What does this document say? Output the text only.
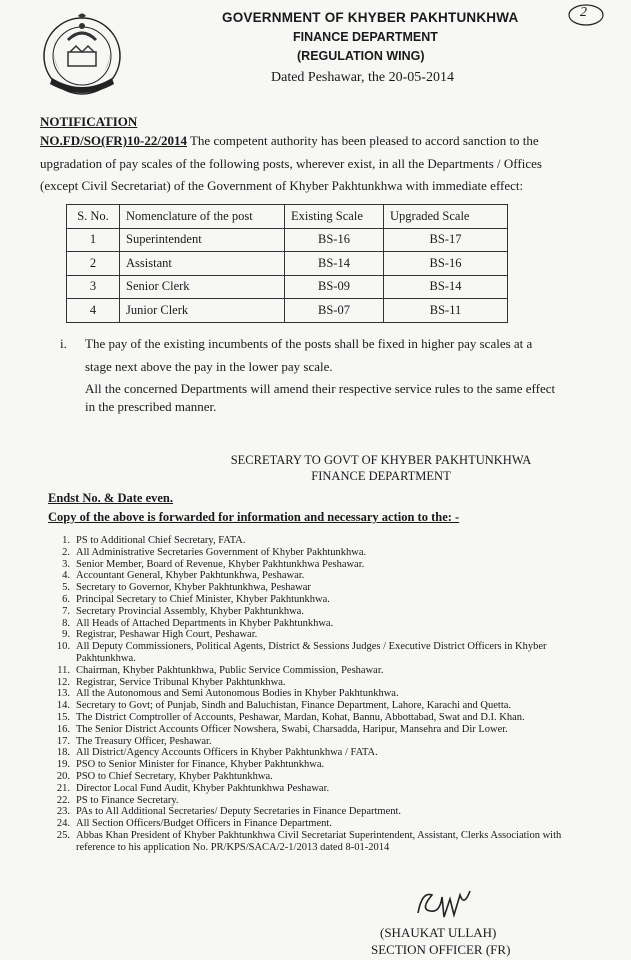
2
GOVERNMENT OF KHYBER PAKHTUNKHWA
FINANCE DEPARTMENT
(REGULATION WING)
Dated Peshawar, the 20-05-2014
NOTIFICATION
NO.FD/SO(FR)10-22/2014 The competent authority has been pleased to accord sanction to the
upgradation of pay scales of the following posts, wherever exist, in all the Departments / Offices
(except Civil Secretariat) of the Government of Khyber Pakhtunkhwa with immediate effect:
S. No.	Nomenclature of the post	Existing Scale	Upgraded Scale
1	Superintendent	BS-16	BS-17
2	Assistant	BS-14	BS-16
3	Senior Clerk	BS-09	BS-14
4	Junior Clerk	BS-07	BS-11
i. The pay of the existing incumbents of the posts shall be fixed in higher pay scales at a
stage next above the pay in the lower pay scale.
All the concerned Departments will amend their respective service rules to the same effect
in the prescribed manner.
SECRETARY TO GOVT OF KHYBER PAKHTUNKHWA
FINANCE DEPARTMENT
Endst No. & Date even.
Copy of the above is forwarded for information and necessary action to the: -
1. PS to Additional Chief Secretary, FATA.
2. All Administrative Secretaries Government of Khyber Pakhtunkhwa.
3. Senior Member, Board of Revenue, Khyber Pakhtunkhwa Peshawar.
4. Accountant General, Khyber Pakhtunkhwa, Peshawar.
5. Secretary to Governor, Khyber Pakhtunkhwa, Peshawar
6. Principal Secretary to Chief Minister, Khyber Pakhtunkhwa.
7. Secretary Provincial Assembly, Khyber Pakhtunkhwa.
8. All Heads of Attached Departments in Khyber Pakhtunkhwa.
9. Registrar, Peshawar High Court, Peshawar.
10. All Deputy Commissioners, Political Agents, District & Sessions Judges / Executive District Officers in Khyber Pakhtunkhwa.
11. Chairman, Khyber Pakhtunkhwa, Public Service Commission, Peshawar.
12. Registrar, Service Tribunal Khyber Pakhtunkhwa.
13. All the Autonomous and Semi Autonomous Bodies in Khyber Pakhtunkhwa.
14. Secretary to Govt; of Punjab, Sindh and Baluchistan, Finance Department, Lahore, Karachi and Quetta.
15. The District Comptroller of Accounts, Peshawar, Mardan, Kohat, Bannu, Abbottabad, Swat and D.I. Khan.
16. The Senior District Accounts Officer Nowshera, Swabi, Charsadda, Haripur, Mansehra and Dir Lower.
17. The Treasury Officer, Peshawar.
18. All District/Agency Accounts Officers in Khyber Pakhtunkhwa / FATA.
19. PSO to Senior Minister for Finance, Khyber Pakhtunkhwa.
20. PSO to Chief Secretary, Khyber Pakhtunkhwa.
21. Director Local Fund Audit, Khyber Pakhtunkhwa Peshawar.
22. PS to Finance Secretary.
23. PAs to All Additional Secretaries/ Deputy Secretaries in Finance Department.
24. All Section Officers/Budget Officers in Finance Department.
25. Abbas Khan President of Khyber Pakhtunkhwa Civil Secretariat Superintendent, Assistant, Clerks Association with reference to his application No. PR/KPS/SACA/2-1/2013 dated 8-01-2014
(SHAUKAT ULLAH)
SECTION OFFICER (FR)
